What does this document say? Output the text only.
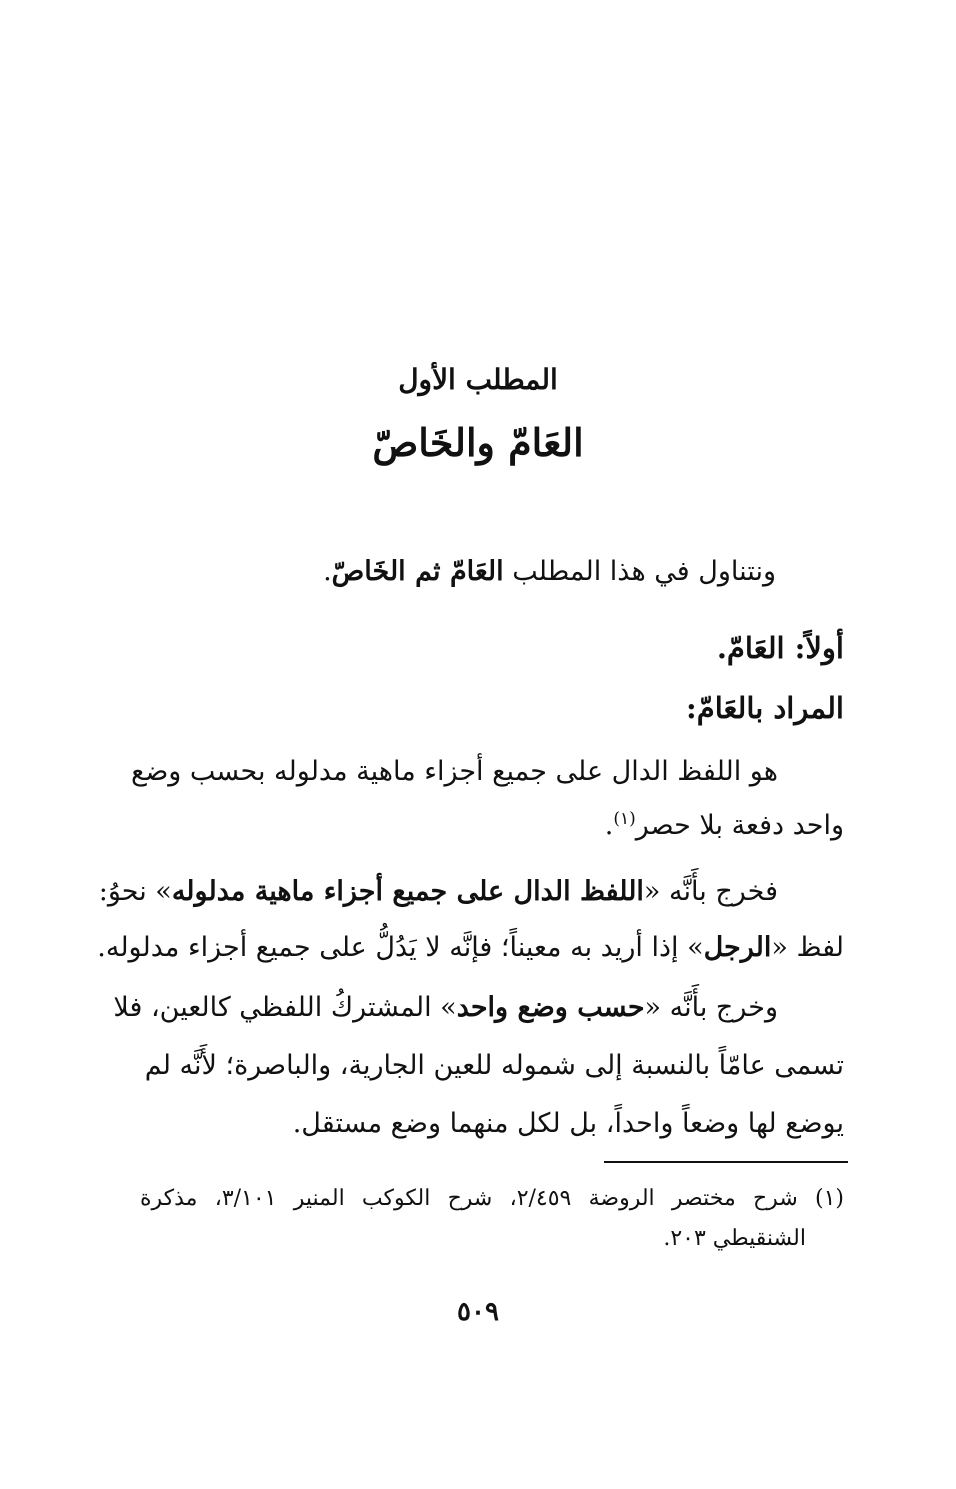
المطلب الأول
العَامّ والخَاصّ
ونتناول في هذا المطلب العَامّ ثم الخَاصّ.
أولاً: العَامّ.
المراد بالعَامّ:
هو اللفظ الدال على جميع أجزاء ماهية مدلوله بحسب وضع
واحد دفعة بلا حصر$^{(١)}$.
فخرج بأَنَّه «اللفظ الدال على جميع أجزاء ماهية مدلوله» نحوُ:
لفظ «الرجل» إذا أريد به معيناً؛ فإنَّه لا يَدُلُّ على جميع أجزاء مدلوله.
وخرج بأَنَّه «حسب وضع واحد» المشتركُ اللفظي كالعين، فلا
تسمى عامّاً بالنسبة إلى شموله للعين الجارية، والباصرة؛ لأَنَّه لم
يوضع لها وضعاً واحداً، بل لكل منهما وضع مستقل.
(١) شرح مختصر الروضة ٢/٤٥٩، شرح الكوكب المنير ٣/١٠١، مذكرة
الشنقيطي ٢٠٣.
٥٠٩
